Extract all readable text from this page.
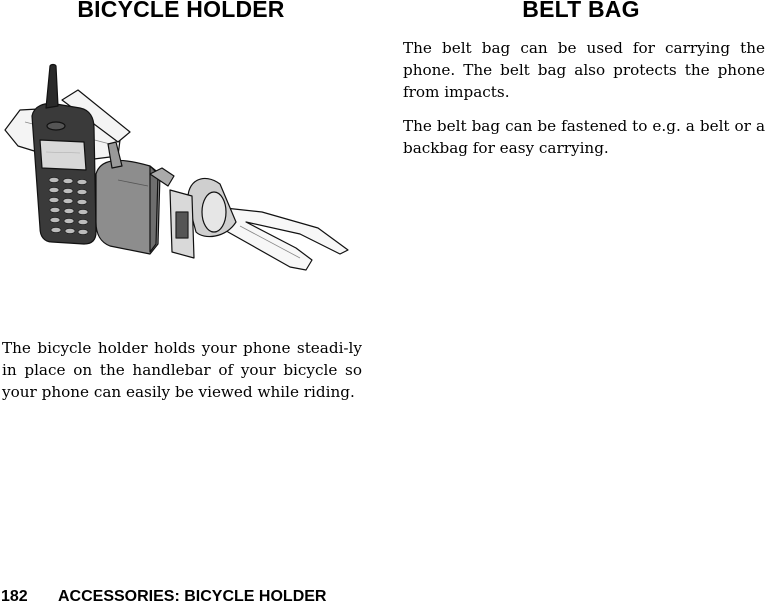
BICYCLE HOLDER	BELT BAG

The bicycle holder holds your phone steadi-ly in place on the handlebar of your bicycle so your phone can easily be viewed while riding.

The belt bag can be used for carrying the phone. The belt bag also protects the phone from impacts.

The belt bag can be fastened to e.g. a belt or a backbag for easy carrying.

182 ACCESSORIES: BICYCLE HOLDER
